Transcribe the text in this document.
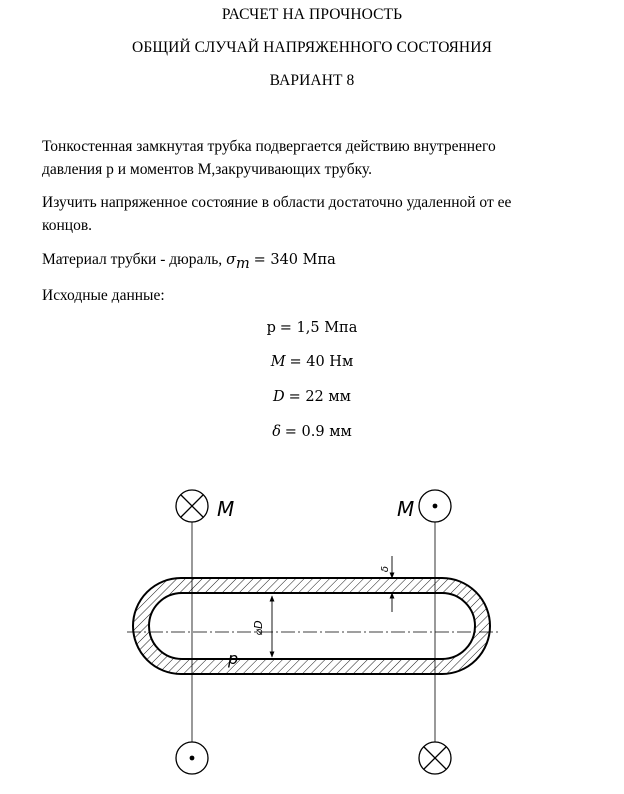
РАСЧЕТ НА ПРОЧНОСТЬ
ОБЩИЙ СЛУЧАЙ НАПРЯЖЕННОГО СОСТОЯНИЯ
ВАРИАНТ 8
Тонкостенная замкнутая трубка подвергается действию внутреннего
давления p и моментов M,закручивающих трубку.
Изучить напряженное состояние в области достаточно удаленной от ее
концов.
Материал трубки - дюраль, $\sigma_m = 340$ Мпа
Исходные данные:
p = 1,5 Мпа
M = 40 Нм
D = 22 мм
δ = 0.9 мм
⌀D
p
δ
M	M
